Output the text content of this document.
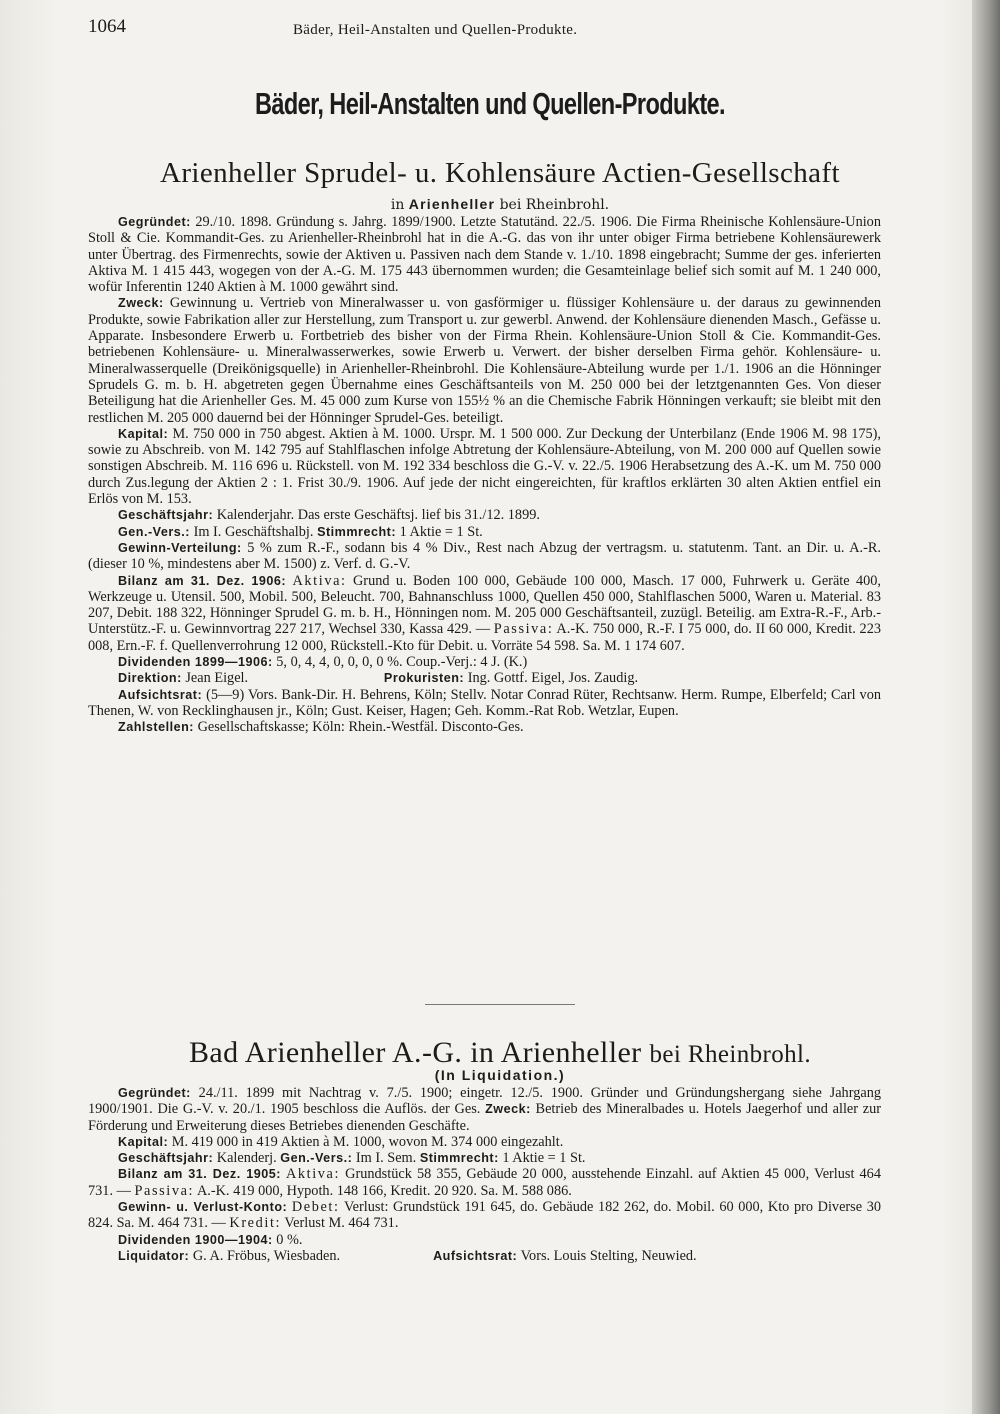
1064	Bäder, Heil-Anstalten und Quellen-Produkte.
Bäder, Heil-Anstalten und Quellen-Produkte.
Arienheller Sprudel- u. Kohlensäure Actien-Gesellschaft
in Arienheller bei Rheinbrohl.

Gegründet: 29./10. 1898. Gründung s. Jahrg. 1899/1900. Letzte Statutänd. 22./5. 1906. Die Firma Rheinische Kohlensäure-Union Stoll & Cie. Kommandit-Ges. zu Arienheller-Rheinbrohl hat in die A.-G. das von ihr unter obiger Firma betriebene Kohlensäurewerk unter Übertrag. des Firmenrechts, sowie der Aktiven u. Passiven nach dem Stande v. 1./10. 1898 eingebracht; Summe der ges. inferierten Aktiva M. 1 415 443, wogegen von der A.-G. M. 175 443 übernommen wurden; die Gesamteinlage belief sich somit auf M. 1 240 000, wofür Inferentin 1240 Aktien à M. 1000 gewährt sind.

Zweck: Gewinnung u. Vertrieb von Mineralwasser u. von gasförmiger u. flüssiger Kohlensäure u. der daraus zu gewinnenden Produkte, sowie Fabrikation aller zur Herstellung, zum Transport u. zur gewerbl. Anwend. der Kohlensäure dienenden Masch., Gefässe u. Apparate. Insbesondere Erwerb u. Fortbetrieb des bisher von der Firma Rhein. Kohlensäure-Union Stoll & Cie. Kommandit-Ges. betriebenen Kohlensäure- u. Mineralwasserwerkes, sowie Erwerb u. Verwert. der bisher derselben Firma gehör. Kohlensäure- u. Mineralwasserquelle (Dreikönigsquelle) in Arienheller-Rheinbrohl. Die Kohlensäure-Abteilung wurde per 1./1. 1906 an die Hönninger Sprudels G. m. b. H. abgetreten gegen Übernahme eines Geschäftsanteils von M. 250 000 bei der letztgenannten Ges. Von dieser Beteiligung hat die Arienheller Ges. M. 45 000 zum Kurse von 155½ % an die Chemische Fabrik Hönningen verkauft; sie bleibt mit den restlichen M. 205 000 dauernd bei der Hönninger Sprudel-Ges. beteiligt.

Kapital: M. 750 000 in 750 abgest. Aktien à M. 1000. Urspr. M. 1 500 000. Zur Deckung der Unterbilanz (Ende 1906 M. 98 175), sowie zu Abschreib. von M. 142 795 auf Stahlflaschen infolge Abtretung der Kohlensäure-Abteilung, von M. 200 000 auf Quellen sowie sonstigen Abschreib. M. 116 696 u. Rückstell. von M. 192 334 beschloss die G.-V. v. 22./5. 1906 Herabsetzung des A.-K. um M. 750 000 durch Zus.legung der Aktien 2 : 1. Frist 30./9. 1906. Auf jede der nicht eingereichten, für kraftlos erklärten 30 alten Aktien entfiel ein Erlös von M. 153.

Geschäftsjahr: Kalenderjahr. Das erste Geschäftsj. lief bis 31./12. 1899.

Gen.-Vers.: Im I. Geschäftshalbj. Stimmrecht: 1 Aktie = 1 St.

Gewinn-Verteilung: 5 % zum R.-F., sodann bis 4 % Div., Rest nach Abzug der vertragsm. u. statutenm. Tant. an Dir. u. A.-R. (dieser 10 %, mindestens aber M. 1500) z. Verf. d. G.-V.

Bilanz am 31. Dez. 1906: Aktiva: Grund u. Boden 100 000, Gebäude 100 000, Masch. 17 000, Fuhrwerk u. Geräte 400, Werkzeuge u. Utensil. 500, Mobil. 500, Beleucht. 700, Bahnanschluss 1000, Quellen 450 000, Stahlflaschen 5000, Waren u. Material. 83 207, Debit. 188 322, Hönninger Sprudel G. m. b. H., Hönningen nom. M. 205 000 Geschäftsanteil, zuzügl. Beteilig. am Extra-R.-F., Arb.-Unterstütz.-F. u. Gewinnvortrag 227 217, Wechsel 330, Kassa 429. — Passiva: A.-K. 750 000, R.-F. I 75 000, do. II 60 000, Kredit. 223 008, Ern.-F. f. Quellenverrohrung 12 000, Rückstell.-Kto für Debit. u. Vorräte 54 598. Sa. M. 1 174 607.

Dividenden 1899—1906: 5, 0, 4, 4, 0, 0, 0, 0 %. Coup.-Verj.: 4 J. (K.)

Direktion: Jean Eigel.	Prokuristen: Ing. Gottf. Eigel, Jos. Zaudig.

Aufsichtsrat: (5—9) Vors. Bank-Dir. H. Behrens, Köln; Stellv. Notar Conrad Rüter, Rechtsanw. Herm. Rumpe, Elberfeld; Carl von Thenen, W. von Recklinghausen jr., Köln; Gust. Keiser, Hagen; Geh. Komm.-Rat Rob. Wetzlar, Eupen.

Zahlstellen: Gesellschaftskasse; Köln: Rhein.-Westfäl. Disconto-Ges.

Bad Arienheller A.-G. in Arienheller bei Rheinbrohl.
(In Liquidation.)

Gegründet: 24./11. 1899 mit Nachtrag v. 7./5. 1900; eingetr. 12./5. 1900. Gründer und Gründungshergang siehe Jahrgang 1900/1901. Die G.-V. v. 20./1. 1905 beschloss die Auflös. der Ges. Zweck: Betrieb des Mineralbades u. Hotels Jaegerhof und aller zur Förderung und Erweiterung dieses Betriebes dienenden Geschäfte.

Kapital: M. 419 000 in 419 Aktien à M. 1000, wovon M. 374 000 eingezahlt.

Geschäftsjahr: Kalenderj. Gen.-Vers.: Im I. Sem. Stimmrecht: 1 Aktie = 1 St.

Bilanz am 31. Dez. 1905: Aktiva: Grundstück 58 355, Gebäude 20 000, ausstehende Einzahl. auf Aktien 45 000, Verlust 464 731. — Passiva: A.-K. 419 000, Hypoth. 148 166, Kredit. 20 920. Sa. M. 588 086.

Gewinn- u. Verlust-Konto: Debet: Verlust: Grundstück 191 645, do. Gebäude 182 262, do. Mobil. 60 000, Kto pro Diverse 30 824. Sa. M. 464 731. — Kredit: Verlust M. 464 731.

Dividenden 1900—1904: 0 %.

Liquidator: G. A. Fröbus, Wiesbaden.	Aufsichtsrat: Vors. Louis Stelting, Neuwied.
